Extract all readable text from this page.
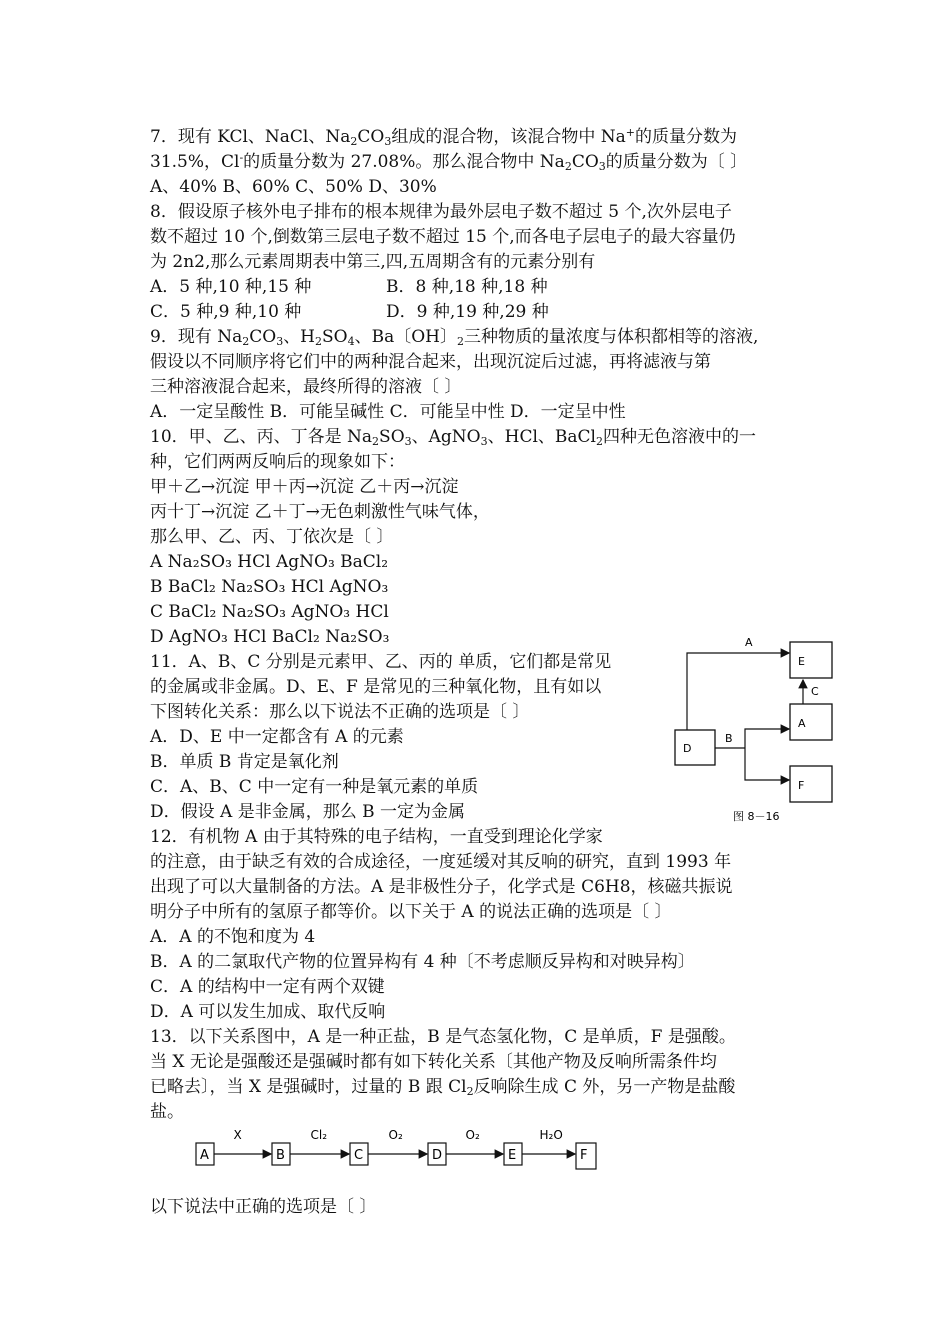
7．现有 KCl、NaCl、$Na_2CO_3$组成的混合物，该混合物中 Na+的质量分数为
31.5%，Cl-的质量分数为 27.08%。那么混合物中 $Na_2CO_3$的质量分数为〔 〕
A、40% B、60% C、50% D、30%
8．假设原子核外电子排布的根本规律为最外层电子数不超过 5 个,次外层电子
数不超过 10 个,倒数第三层电子数不超过 15 个,而各电子层电子的最大容量仍
为 2n2,那么元素周期表中第三,四,五周期含有的元素分别有
A．5 种,10 种,15 种	B．8 种,18 种,18 种
C．5 种,9 种,10 种	D．9 种,19 种,29 种
9．现有 $Na_2CO_3$、$H_2SO_4$、Ba〔OH〕$_2$三种物质的量浓度与体积都相等的溶液,
假设以不同顺序将它们中的两种混合起来，出现沉淀后过滤，再将滤液与第
三种溶液混合起来，最终所得的溶液〔 〕
A．一定呈酸性 B．可能呈碱性 C．可能呈中性 D．一定呈中性
10．甲、乙、丙、丁各是 $Na_2SO_3$、AgNO$_3$、HCl、BaCl$_2$四种无色溶液中的一
种，它们两两反响后的现象如下：
甲＋乙→沉淀 甲＋丙→沉淀 乙＋丙→沉淀
丙十丁→沉淀 乙＋丁→无色刺激性气味气体，
那么甲、乙、丙、丁依次是〔 〕
A Na₂SO₃ HCl AgNO₃ BaCl₂
B BaCl₂ Na₂SO₃ HCl AgNO₃
C BaCl₂ Na₂SO₃ AgNO₃ HCl
D AgNO₃ HCl BaCl₂ Na₂SO₃
11．A、B、C 分别是元素甲、乙、丙的 单质，它们都是常见
的金属或非金属。D、E、F 是常见的三种氧化物，且有如以
下图转化关系：那么以下说法不正确的选项是〔 〕
A．D、E 中一定都含有 A 的元素
B．单质 B 肯定是氧化剂
C．A、B、C 中一定有一种是氧元素的单质
D．假设 A 是非金属，那么 B 一定为金属
D
E
A
F
A
C
B
图 8－16
12．有机物 A 由于其特殊的电子结构，一直受到理论化学家
的注意，由于缺乏有效的合成途径，一度延缓对其反响的研究，直到 1993 年
出现了可以大量制备的方法。A 是非极性分子，化学式是 C6H8，核磁共振说
明分子中所有的氢原子都等价。以下关于 A 的说法正确的选项是〔 〕
A．A 的不饱和度为 4
B．A 的二氯取代产物的位置异构有 4 种〔不考虑顺反异构和对映异构〕
C．A 的结构中一定有两个双键
D．A 可以发生加成、取代反响
13．以下关系图中，A 是一种正盐，B 是气态氢化物，C 是单质，F 是强酸。
当 X 无论是强酸还是强碱时都有如下转化关系〔其他产物及反响所需条件均
已略去〕，当 X 是强碱时，过量的 B 跟 $Cl_2$反响除生成 C 外，另一产物是盐酸
盐。
A	B	C	D	E	F
X	Cl₂	O₂	O₂	H₂O
以下说法中正确的选项是〔 〕
